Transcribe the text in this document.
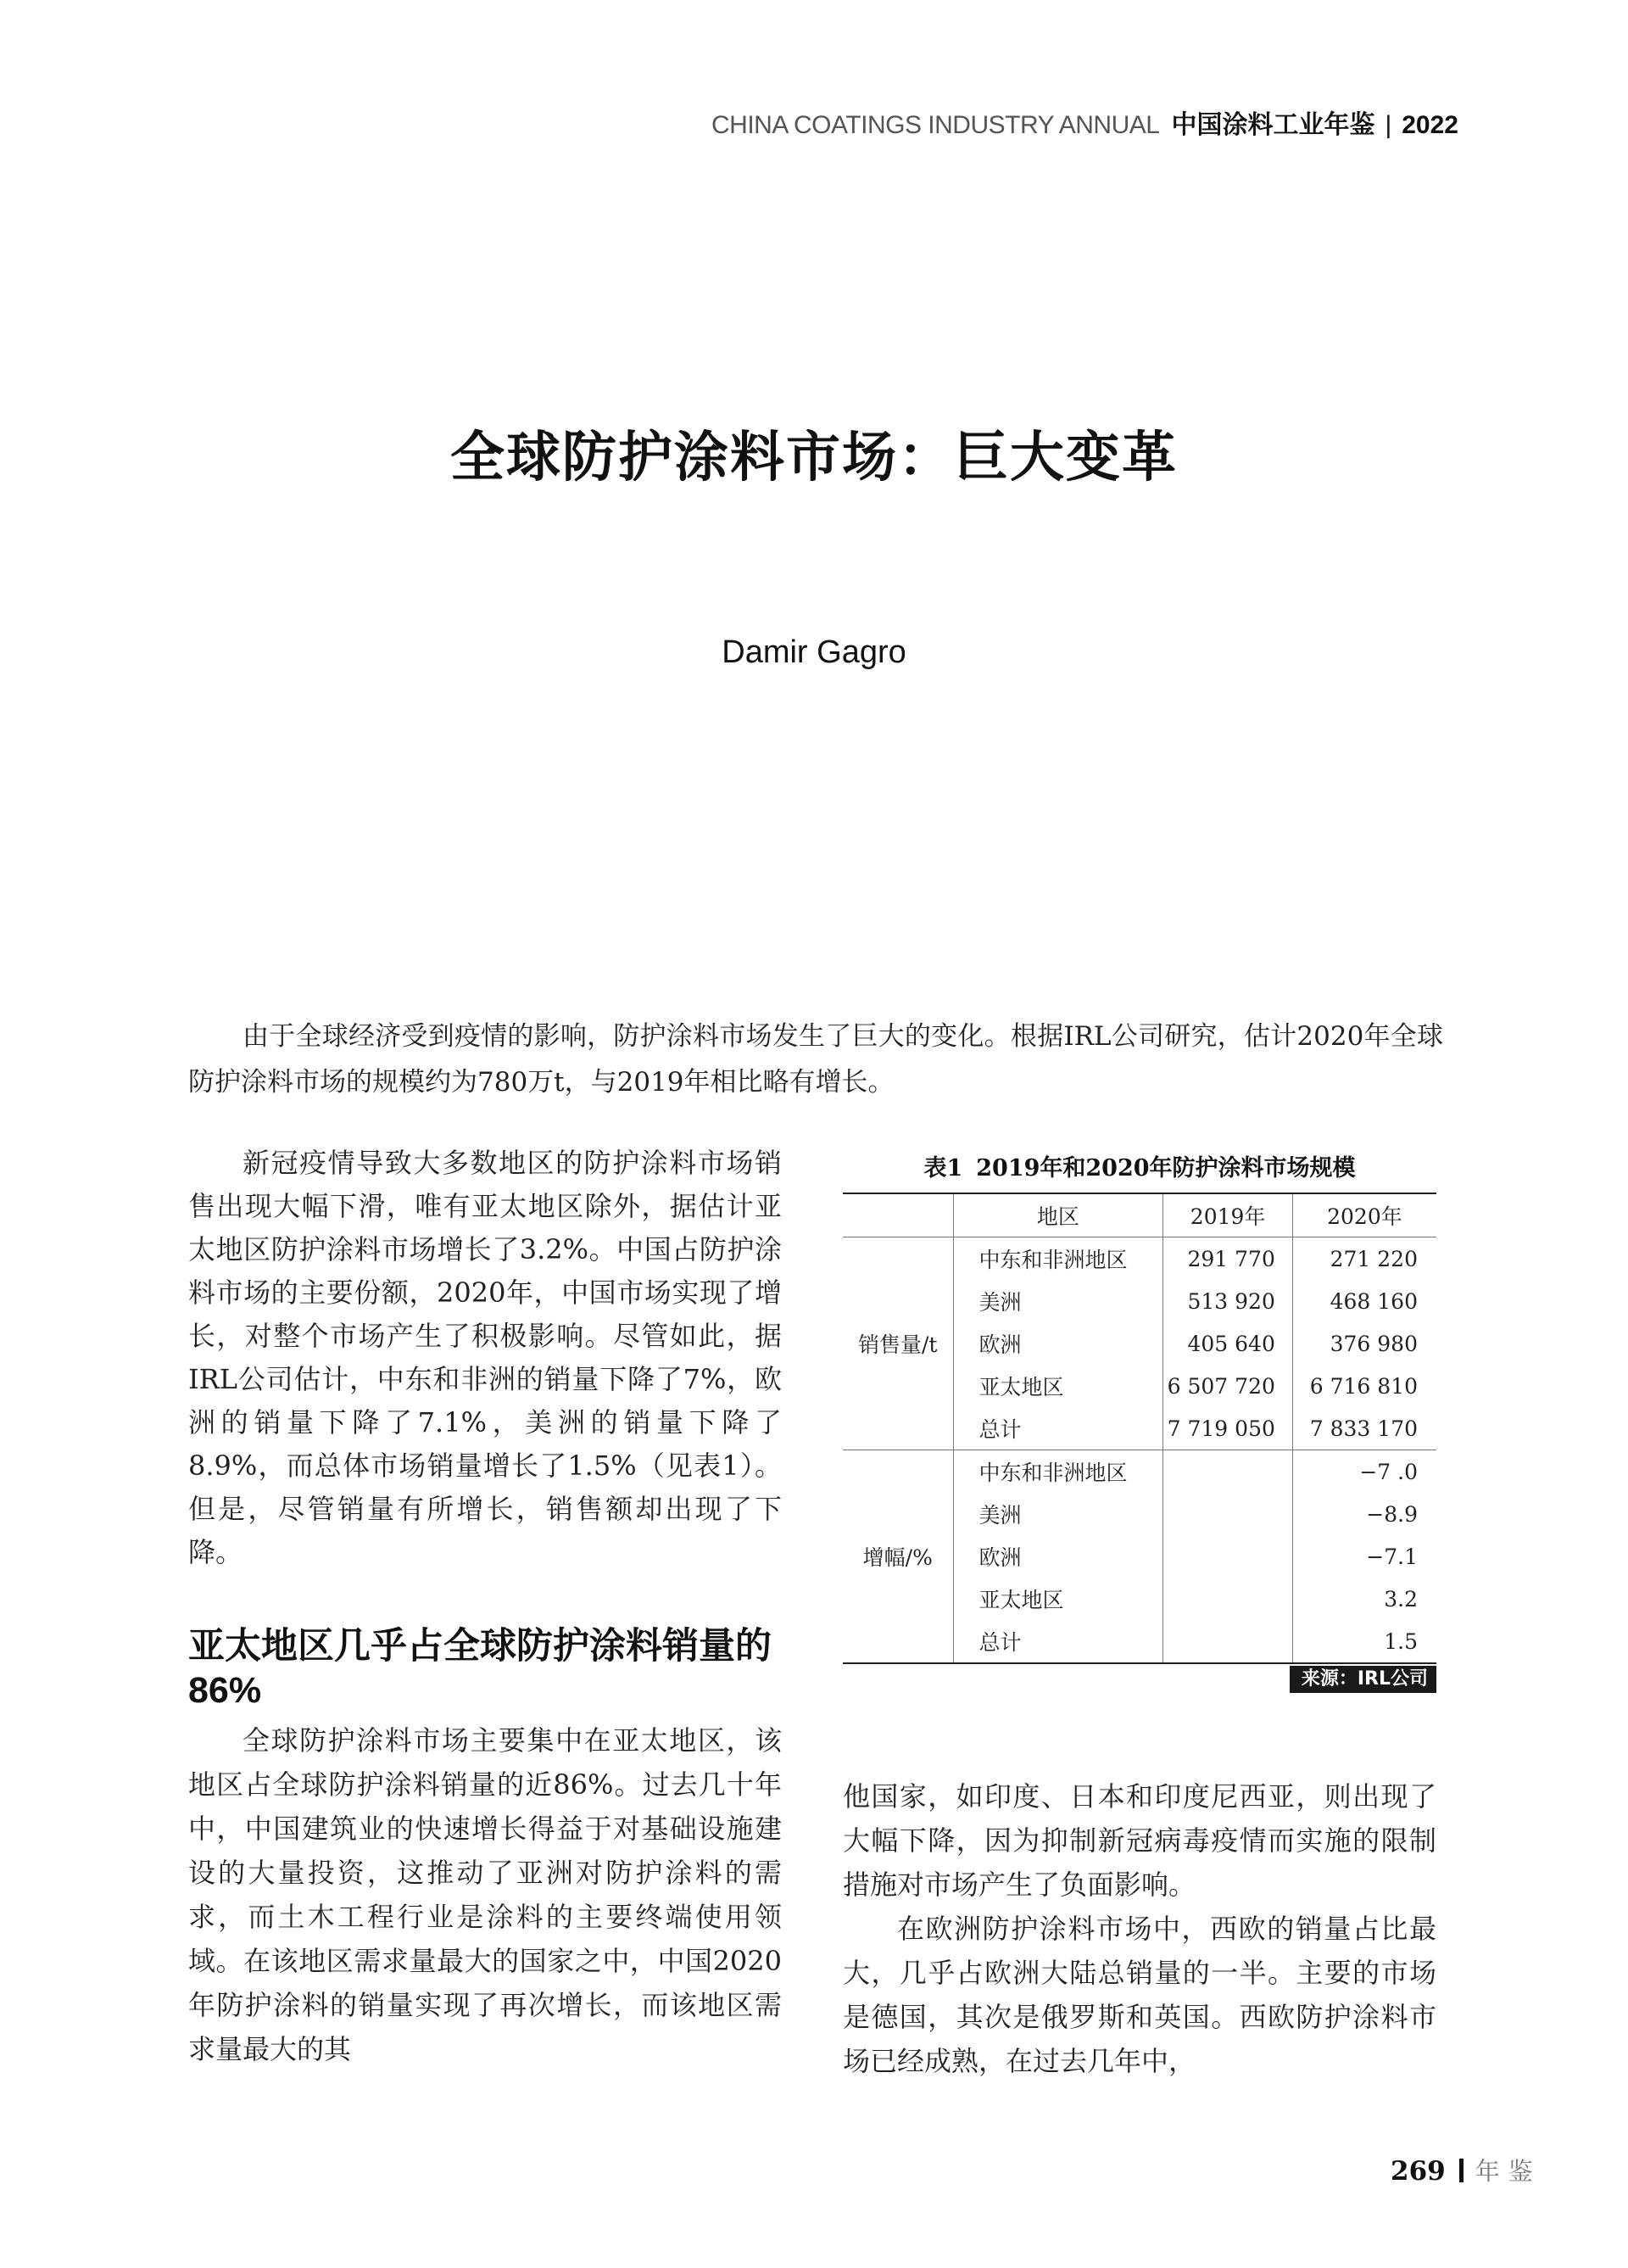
CHINA COATINGS INDUSTRY ANNUAL 中国涂料工业年鉴 | 2022
全球防护涂料市场：巨大变革
Damir Gagro

由于全球经济受到疫情的影响，防护涂料市场发生了巨大的变化。根据IRL公司研究，估计2020年全球防护涂料市场的规模约为780万t，与2019年相比略有增长。

新冠疫情导致大多数地区的防护涂料市场销售出现大幅下滑，唯有亚太地区除外，据估计亚太地区防护涂料市场增长了3.2%。中国占防护涂料市场的主要份额，2020年，中国市场实现了增长，对整个市场产生了积极影响。尽管如此，据IRL公司估计，中东和非洲的销量下降了7%，欧洲的销量下降了7.1%，美洲的销量下降了8.9%，而总体市场销量增长了1.5%（见表1）。但是，尽管销量有所增长，销售额却出现了下降。

亚太地区几乎占全球防护涂料销量的86%

全球防护涂料市场主要集中在亚太地区，该地区占全球防护涂料销量的近86%。过去几十年中，中国建筑业的快速增长得益于对基础设施建设的大量投资，这推动了亚洲对防护涂料的需求，而土木工程行业是涂料的主要终端使用领域。在该地区需求量最大的国家之中，中国2020年防护涂料的销量实现了再次增长，而该地区需求量最大的其

他国家，如印度、日本和印度尼西亚，则出现了大幅下降，因为抑制新冠病毒疫情而实施的限制措施对市场产生了负面影响。

在欧洲防护涂料市场中，西欧的销量占比最大，几乎占欧洲大陆总销量的一半。主要的市场是德国，其次是俄罗斯和英国。西欧防护涂料市场已经成熟，在过去几年中，

表1 2019年和2020年防护涂料市场规模
	地区	2019年	2020年
销售量/t	中东和非洲地区	291 770	271 220
	美洲	513 920	468 160
	欧洲	405 640	376 980
	亚太地区	6 507 720	6 716 810
	总计	7 719 050	7 833 170
增幅/%	中东和非洲地区		−7 .0
	美洲		−8.9
	欧洲		−7.1
	亚太地区		3.2
	总计		1.5
来源：IRL公司
269 年鉴
